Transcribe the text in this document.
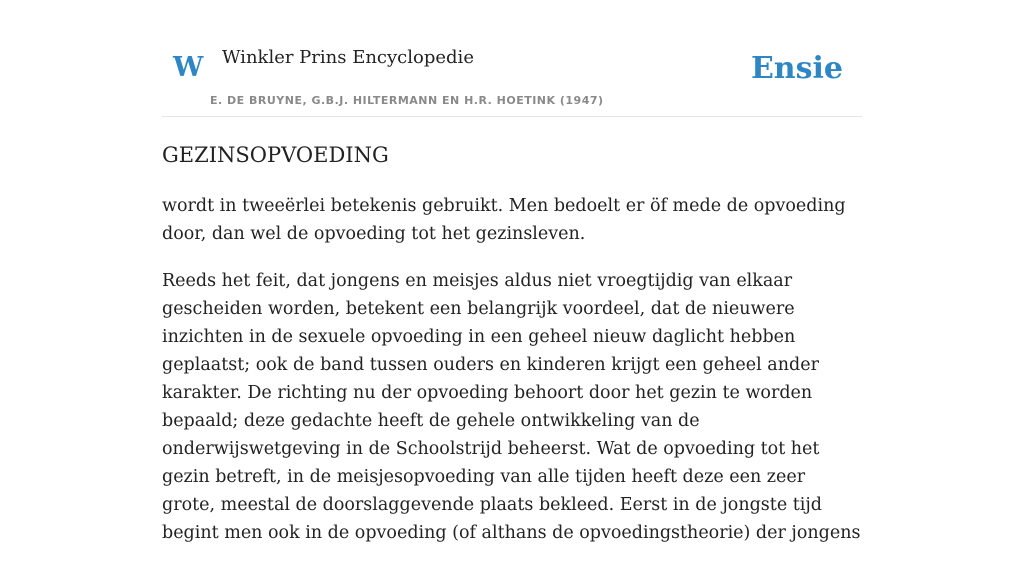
W Winkler Prins Encyclopedie
E. DE BRUYNE, G.B.J. HILTERMANN EN H.R. HOETINK (1947)
Ensie
GEZINSOPVOEDING

wordt in tweeërlei betekenis gebruikt. Men bedoelt er öf mede de opvoeding door, dan wel de opvoeding tot het gezinsleven.

Reeds het feit, dat jongens en meisjes aldus niet vroegtijdig van elkaar gescheiden worden, betekent een belangrijk voordeel, dat de nieuwere inzichten in de sexuele opvoeding in een geheel nieuw daglicht hebben geplaatst; ook de band tussen ouders en kinderen krijgt een geheel ander karakter. De richting nu der opvoeding behoort door het gezin te worden bepaald; deze gedachte heeft de gehele ontwikkeling van de onderwijswetgeving in de Schoolstrijd beheerst. Wat de opvoeding tot het gezin betreft, in de meisjesopvoeding van alle tijden heeft deze een zeer grote, meestal de doorslaggevende plaats bekleed. Eerst in de jongste tijd begint men ook in de opvoeding (of althans de opvoedingstheorie) der jongens
